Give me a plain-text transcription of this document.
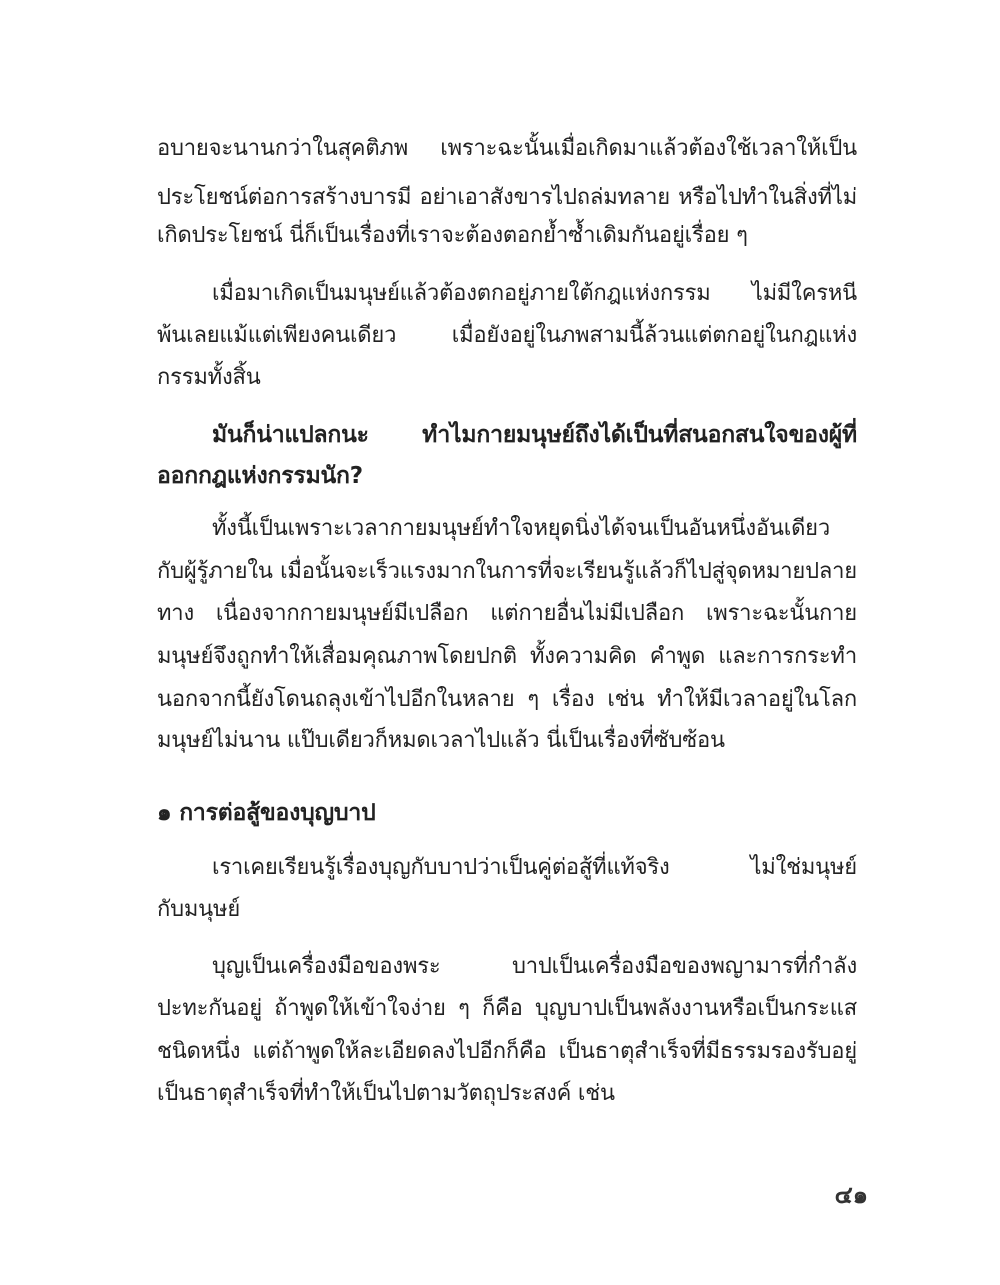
อบายจะนานกว่าในสุคติภพ เพราะฉะนั้นเมื่อเกิดมาแล้วต้องใช้เวลาให้เป็น
ประโยชน์ต่อการสร้างบารมี อย่าเอาสังขารไปถล่มทลาย หรือไปทำในสิ่งที่ไม่
เกิดประโยชน์ นี่ก็เป็นเรื่องที่เราจะต้องตอกย้ำซ้ำเดิมกันอยู่เรื่อย ๆ
เมื่อมาเกิดเป็นมนุษย์แล้วต้องตกอยู่ภายใต้กฎแห่งกรรม ไม่มีใครหนี
พ้นเลยแม้แต่เพียงคนเดียว เมื่อยังอยู่ในภพสามนี้ล้วนแต่ตกอยู่ในกฎแห่ง
กรรมทั้งสิ้น
มันก็น่าแปลกนะ ทำไมกายมนุษย์ถึงได้เป็นที่สนอกสนใจของผู้ที่
ออกกฎแห่งกรรมนัก?
ทั้งนี้เป็นเพราะเวลากายมนุษย์ทำใจหยุดนิ่งได้จนเป็นอันหนึ่งอันเดียว
กับผู้รู้ภายใน เมื่อนั้นจะเร็วแรงมากในการที่จะเรียนรู้แล้วก็ไปสู่จุดหมายปลาย
ทาง เนื่องจากกายมนุษย์มีเปลือก แต่กายอื่นไม่มีเปลือก เพราะฉะนั้นกาย
มนุษย์จึงถูกทำให้เสื่อมคุณภาพโดยปกติ ทั้งความคิด คำพูด และการกระทำ
นอกจากนี้ยังโดนถลุงเข้าไปอีกในหลาย ๆ เรื่อง เช่น ทำให้มีเวลาอยู่ในโลก
มนุษย์ไม่นาน แป๊บเดียวก็หมดเวลาไปแล้ว นี่เป็นเรื่องที่ซับซ้อน
๑ การต่อสู้ของบุญบาป
เราเคยเรียนรู้เรื่องบุญกับบาปว่าเป็นคู่ต่อสู้ที่แท้จริง ไม่ใช่มนุษย์
กับมนุษย์
บุญเป็นเครื่องมือของพระ บาปเป็นเครื่องมือของพญามารที่กำลัง
ปะทะกันอยู่ ถ้าพูดให้เข้าใจง่าย ๆ ก็คือ บุญบาปเป็นพลังงานหรือเป็นกระแส
ชนิดหนึ่ง แต่ถ้าพูดให้ละเอียดลงไปอีกก็คือ เป็นธาตุสำเร็จที่มีธรรมรองรับอยู่
เป็นธาตุสำเร็จที่ทำให้เป็นไปตามวัตถุประสงค์ เช่น
๔๑
